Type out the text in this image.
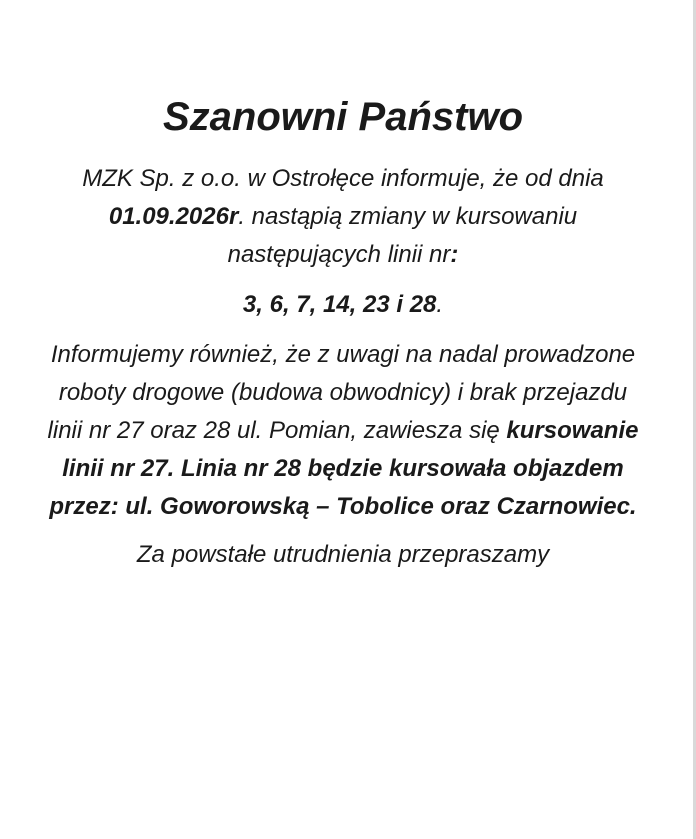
Szanowni Państwo

MZK Sp. z o.o. w Ostrołęce informuje, że od dnia 01.09.2026r. nastąpią zmiany w kursowaniu następujących linii nr:

3, 6, 7, 14, 23 i 28.

Informujemy również, że z uwagi na nadal prowadzone roboty drogowe (budowa obwodnicy) i brak przejazdu linii nr 27 oraz 28 ul. Pomian, zawiesza się kursowanie linii nr 27. Linia nr 28 będzie kursowała objazdem przez: ul. Goworowską – Tobolice oraz Czarnowiec.

Za powstałe utrudnienia przepraszamy
